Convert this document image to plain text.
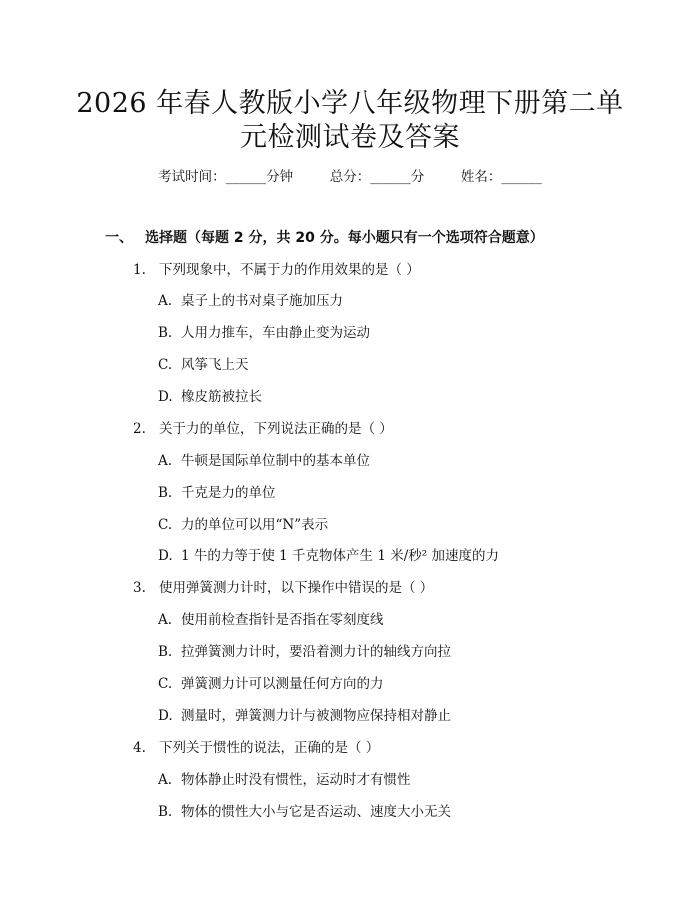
2026 年春人教版小学八年级物理下册第二单
元检测试卷及答案
考试时间：______分钟	总分：______分	姓名：______
一、 选择题（每题 2 分，共 20 分。每小题只有一个选项符合题意）
1. 下列现象中，不属于力的作用效果的是（ ）
A. 桌子上的书对桌子施加压力
B. 人用力推车，车由静止变为运动
C. 风筝飞上天
D. 橡皮筋被拉长
2. 关于力的单位，下列说法正确的是（ ）
A. 牛顿是国际单位制中的基本单位
B. 千克是力的单位
C. 力的单位可以用“N”表示
D. 1 牛的力等于使 1 千克物体产生 1 米/秒² 加速度的力
3. 使用弹簧测力计时，以下操作中错误的是（ ）
A. 使用前检查指针是否指在零刻度线
B. 拉弹簧测力计时，要沿着测力计的轴线方向拉
C. 弹簧测力计可以测量任何方向的力
D. 测量时，弹簧测力计与被测物应保持相对静止
4. 下列关于惯性的说法，正确的是（ ）
A. 物体静止时没有惯性，运动时才有惯性
B. 物体的惯性大小与它是否运动、速度大小无关
